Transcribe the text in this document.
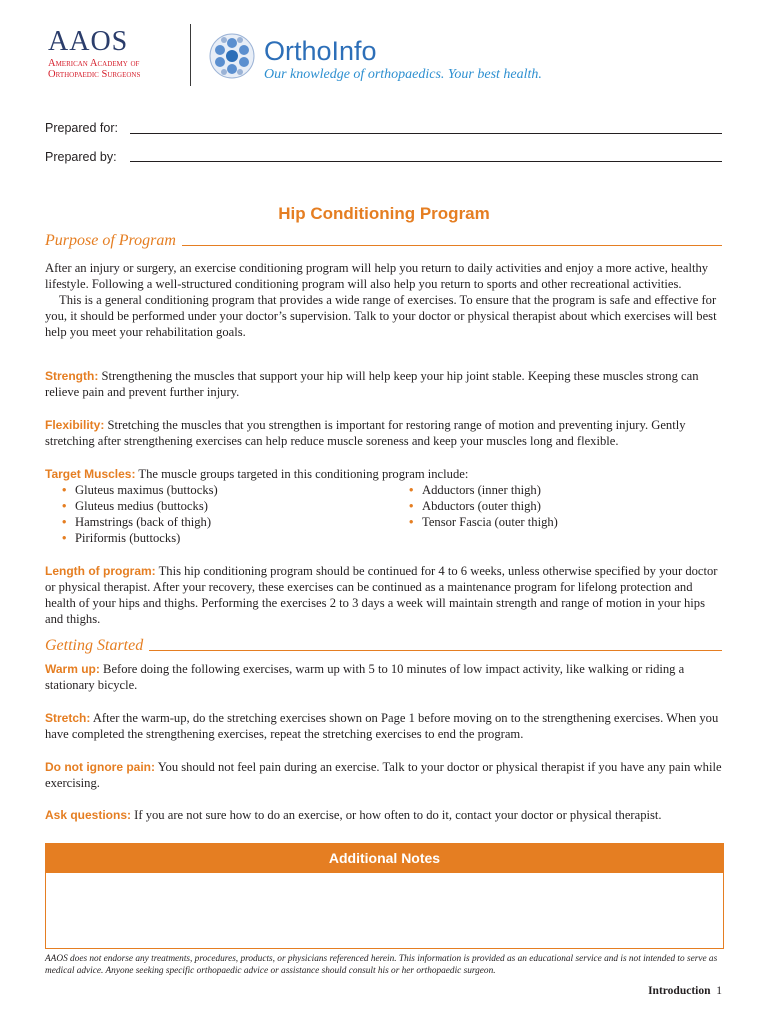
AAOS
American Academy of
Orthopaedic Surgeons
OrthoInfo
Our knowledge of orthopaedics. Your best health.
Prepared for:
Prepared by:
Hip Conditioning Program
Purpose of Program
After an injury or surgery, an exercise conditioning program will help you return to daily activities and enjoy a more active, healthy lifestyle. Following a well-structured conditioning program will also help you return to sports and other recreational activities.
This is a general conditioning program that provides a wide range of exercises. To ensure that the program is safe and effective for you, it should be performed under your doctor’s supervision. Talk to your doctor or physical therapist about which exercises will best help you meet your rehabilitation goals.
Strength: Strengthening the muscles that support your hip will help keep your hip joint stable. Keeping these muscles strong can relieve pain and prevent further injury.
Flexibility: Stretching the muscles that you strengthen is important for restoring range of motion and preventing injury. Gently stretching after strengthening exercises can help reduce muscle soreness and keep your muscles long and flexible.
Target Muscles: The muscle groups targeted in this conditioning program include:
• Gluteus maximus (buttocks)
• Gluteus medius (buttocks)
• Hamstrings (back of thigh)
• Piriformis (buttocks)
• Adductors (inner thigh)
• Abductors (outer thigh)
• Tensor Fascia (outer thigh)
Length of program: This hip conditioning program should be continued for 4 to 6 weeks, unless otherwise specified by your doctor or physical therapist. After your recovery, these exercises can be continued as a maintenance program for lifelong protection and health of your hips and thighs. Performing the exercises 2 to 3 days a week will maintain strength and range of motion in your hips and thighs.
Getting Started
Warm up: Before doing the following exercises, warm up with 5 to 10 minutes of low impact activity, like walking or riding a stationary bicycle.
Stretch: After the warm-up, do the stretching exercises shown on Page 1 before moving on to the strengthening exercises. When you have completed the strengthening exercises, repeat the stretching exercises to end the program.
Do not ignore pain: You should not feel pain during an exercise. Talk to your doctor or physical therapist if you have any pain while exercising.
Ask questions: If you are not sure how to do an exercise, or how often to do it, contact your doctor or physical therapist.
Additional Notes
AAOS does not endorse any treatments, procedures, products, or physicians referenced herein. This information is provided as an educational service and is not intended to serve as medical advice. Anyone seeking specific orthopaedic advice or assistance should consult his or her orthopaedic surgeon.
Introduction 1
